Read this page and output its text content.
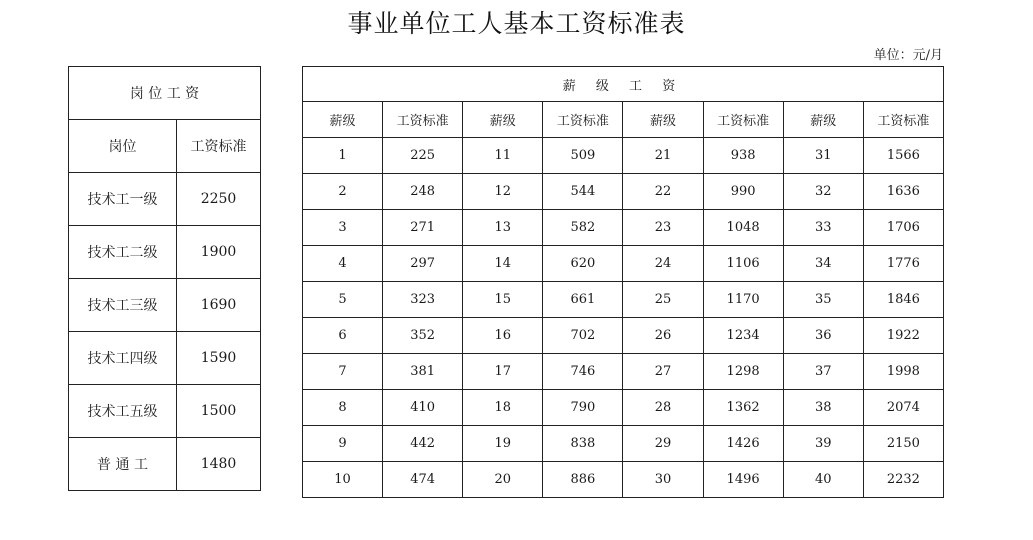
事业单位工人基本工资标准表
单位：元/月
岗 位 工 资	
岗位	工资标准
技术工一级	2250
技术工二级	1900
技术工三级	1690
技术工四级	1590
技术工五级	1500
普 通 工	1480
薪 级 工 资							
薪级	工资标准	薪级	工资标准	薪级	工资标准	薪级	工资标准
1	225	11	509	21	938	31	1566
2	248	12	544	22	990	32	1636
3	271	13	582	23	1048	33	1706
4	297	14	620	24	1106	34	1776
5	323	15	661	25	1170	35	1846
6	352	16	702	26	1234	36	1922
7	381	17	746	27	1298	37	1998
8	410	18	790	28	1362	38	2074
9	442	19	838	29	1426	39	2150
10	474	20	886	30	1496	40	2232
